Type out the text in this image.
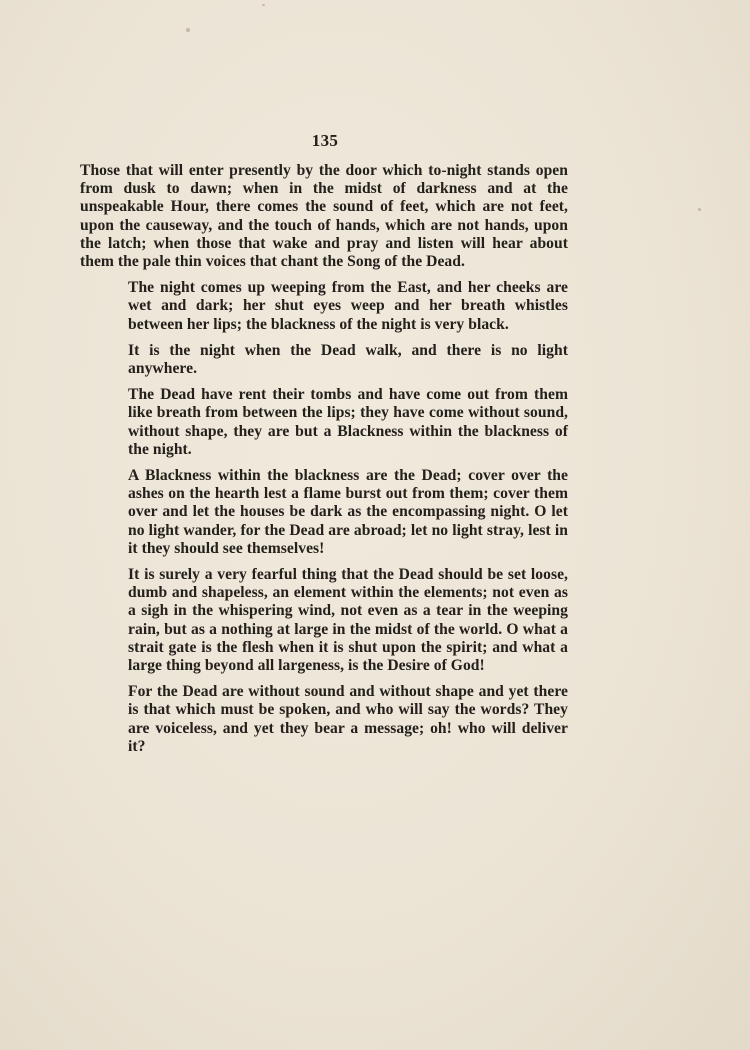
135

Those that will enter presently by the door which to-night stands open from dusk to dawn; when in the midst of darkness and at the unspeakable Hour, there comes the sound of feet, which are not feet, upon the causeway, and the touch of hands, which are not hands, upon the latch; when those that wake and pray and listen will hear about them the pale thin voices that chant the Song of the Dead.

The night comes up weeping from the East, and her cheeks are wet and dark; her shut eyes weep and her breath whistles between her lips; the blackness of the night is very black.

It is the night when the Dead walk, and there is no light anywhere.

The Dead have rent their tombs and have come out from them like breath from between the lips; they have come without sound, without shape, they are but a Blackness within the blackness of the night.

A Blackness within the blackness are the Dead; cover over the ashes on the hearth lest a flame burst out from them; cover them over and let the houses be dark as the encompassing night. O let no light wander, for the Dead are abroad; let no light stray, lest in it they should see themselves!

It is surely a very fearful thing that the Dead should be set loose, dumb and shapeless, an element within the elements; not even as a sigh in the whispering wind, not even as a tear in the weeping rain, but as a nothing at large in the midst of the world. O what a strait gate is the flesh when it is shut upon the spirit; and what a large thing beyond all largeness, is the Desire of God!

For the Dead are without sound and without shape and yet there is that which must be spoken, and who will say the words? They are voiceless, and yet they bear a message; oh! who will deliver it?
